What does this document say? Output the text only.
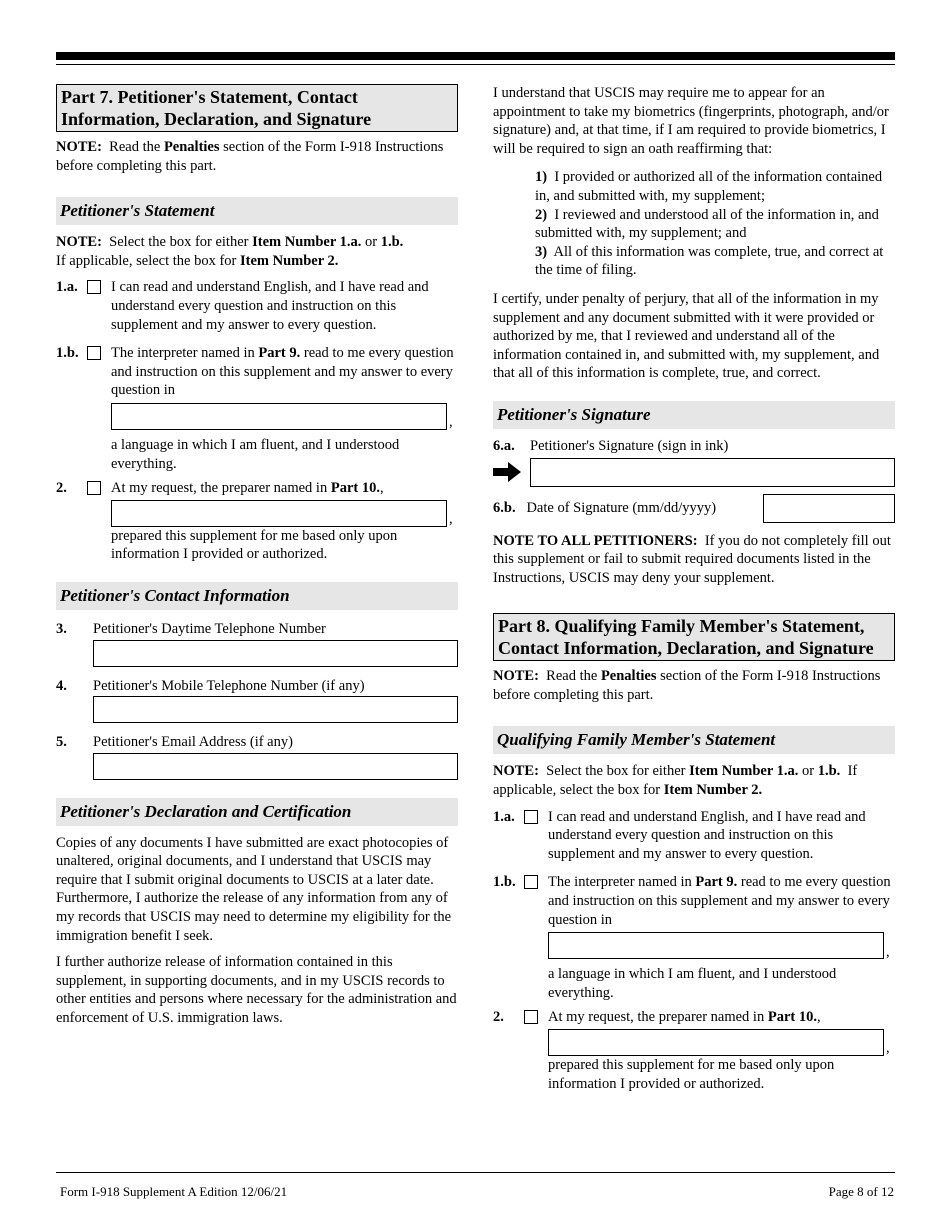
Part 7. Petitioner's Statement, Contact Information, Declaration, and Signature

NOTE: Read the Penalties section of the Form I-918 Instructions before completing this part.

Petitioner's Statement

NOTE: Select the box for either Item Number 1.a. or 1.b.
If applicable, select the box for Item Number 2.

1.a. I can read and understand English, and I have read and understand every question and instruction on this supplement and my answer to every question.
1.b. The interpreter named in Part 9. read to me every question and instruction on this supplement and my answer to every question in
,
a language in which I am fluent, and I understood everything.
2.	At my request, the preparer named in Part 10.,
,
prepared this supplement for me based only upon information I provided or authorized.
Petitioner's Contact Information
3. Petitioner's Daytime Telephone Number
4. Petitioner's Mobile Telephone Number (if any)
5. Petitioner's Email Address (if any)
Petitioner's Declaration and Certification

Copies of any documents I have submitted are exact photocopies of unaltered, original documents, and I understand that USCIS may require that I submit original documents to USCIS at a later date. Furthermore, I authorize the release of any information from any of my records that USCIS may need to determine my eligibility for the immigration benefit I seek.

I further authorize release of information contained in this supplement, in supporting documents, and in my USCIS records to other entities and persons where necessary for the administration and enforcement of U.S. immigration laws.

I understand that USCIS may require me to appear for an appointment to take my biometrics (fingerprints, photograph, and/or signature) and, at that time, if I am required to provide biometrics, I will be required to sign an oath reaffirming that:

1) I provided or authorized all of the information contained in, and submitted with, my supplement;

2) I reviewed and understood all of the information in, and submitted with, my supplement; and

3) All of this information was complete, true, and correct at the time of filing.

I certify, under penalty of perjury, that all of the information in my supplement and any document submitted with it were provided or authorized by me, that I reviewed and understand all of the information contained in, and submitted with, my supplement, and that all of this information is complete, true, and correct.

Petitioner's Signature
6.a. Petitioner's Signature (sign in ink)
6.b. Date of Signature (mm/dd/yyyy)

NOTE TO ALL PETITIONERS: If you do not completely fill out this supplement or fail to submit required documents listed in the Instructions, USCIS may deny your supplement.

Part 8. Qualifying Family Member's Statement, Contact Information, Declaration, and Signature

NOTE: Read the Penalties section of the Form I-918 Instructions before completing this part.

Qualifying Family Member's Statement

NOTE: Select the box for either Item Number 1.a. or 1.b. If applicable, select the box for Item Number 2.

1.a. I can read and understand English, and I have read and understand every question and instruction on this supplement and my answer to every question.
1.b. The interpreter named in Part 9. read to me every question and instruction on this supplement and my answer to every question in
,
a language in which I am fluent, and I understood everything.
2.	At my request, the preparer named in Part 10.,
,
prepared this supplement for me based only upon information I provided or authorized.
Form I-918 Supplement A Edition 12/06/21	Page 8 of 12
